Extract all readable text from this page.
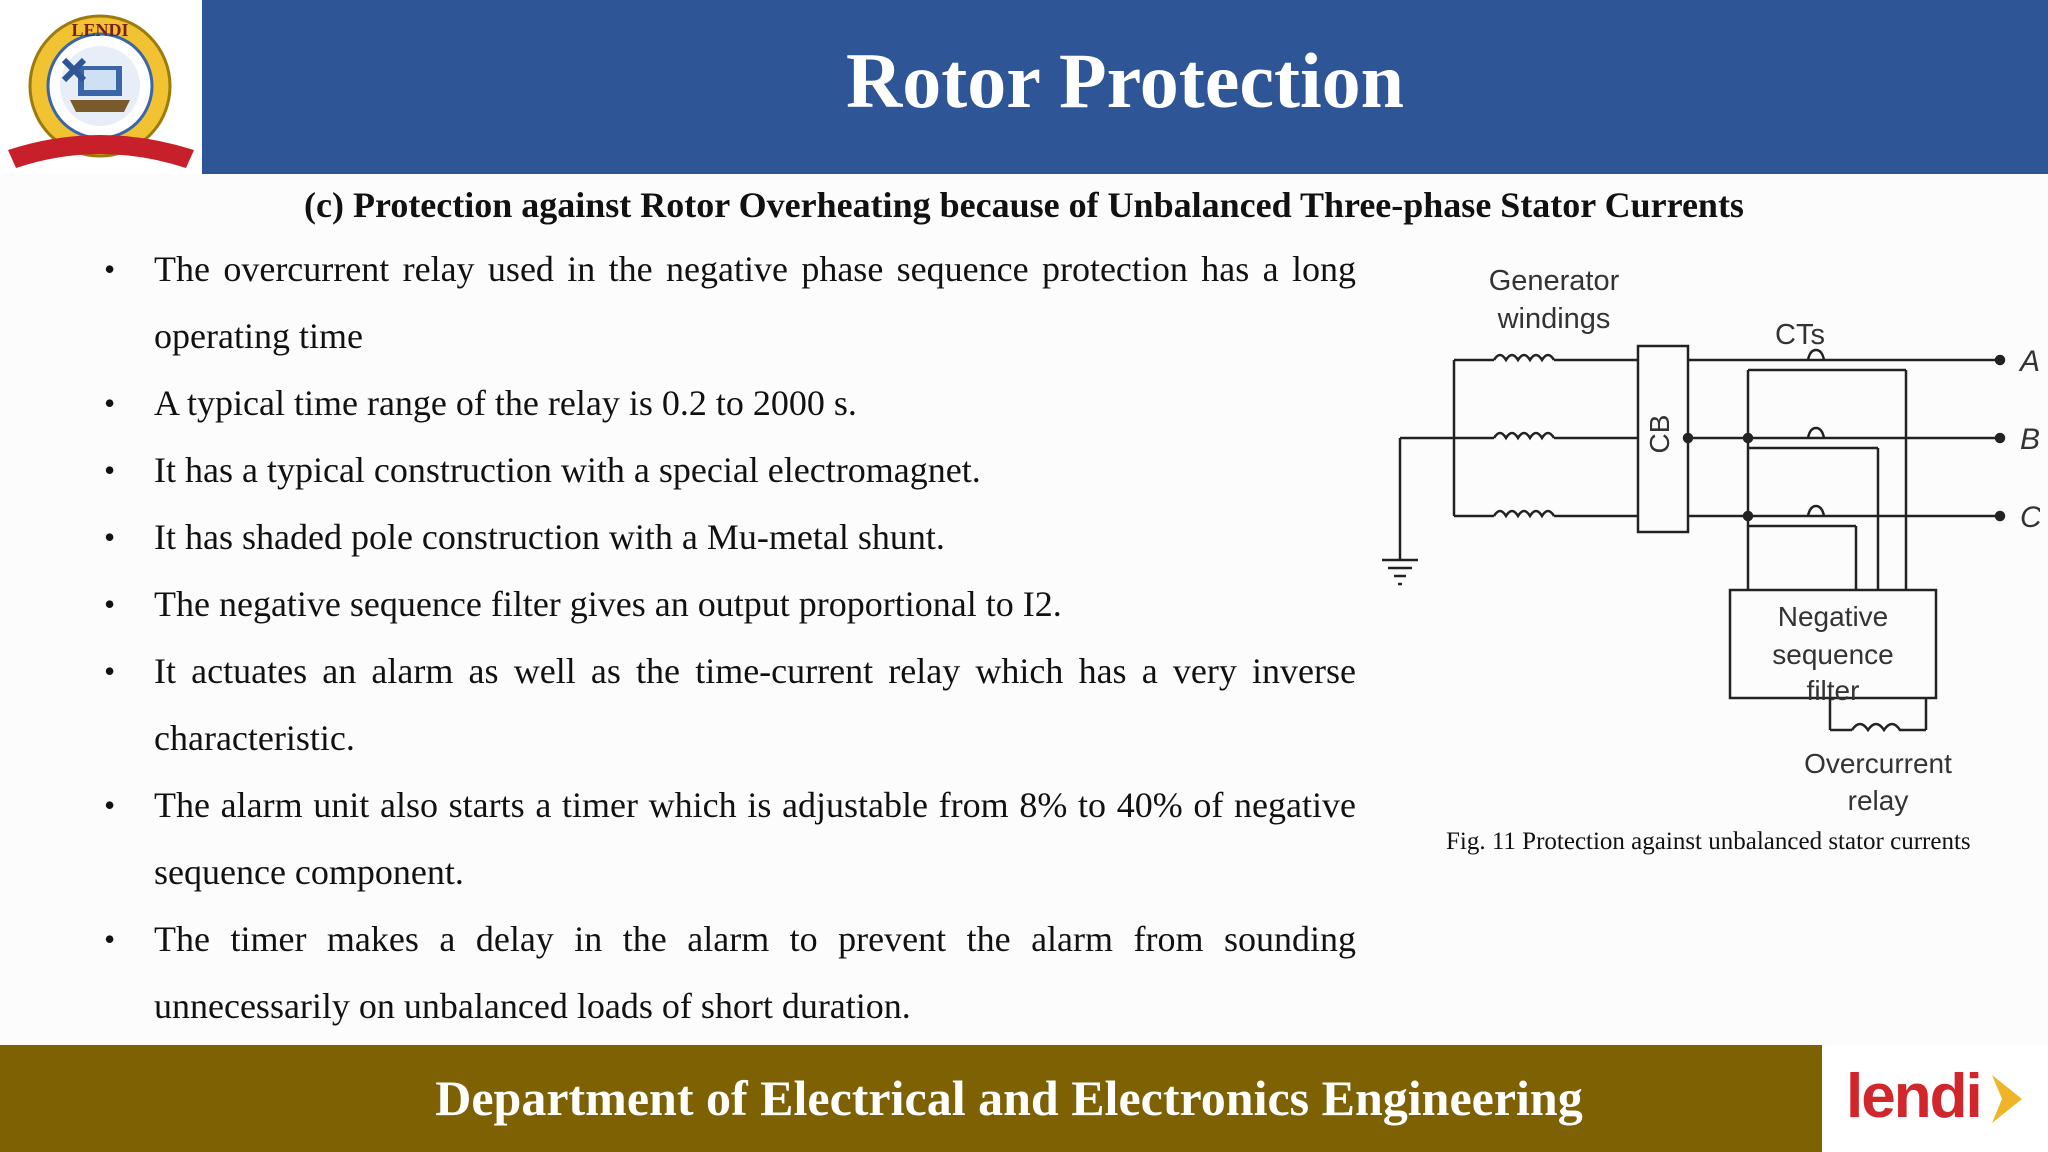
LENDI
Rotor Protection
(c) Protection against Rotor Overheating because of Unbalanced Three-phase Stator Currents
• The overcurrent relay used in the negative phase sequence protection has a long operating time
• A typical time range of the relay is 0.2 to 2000 s.
• It has a typical construction with a special electromagnet.
• It has shaded pole construction with a Mu-metal shunt.
• The negative sequence filter gives an output proportional to I2.
• It actuates an alarm as well as the time-current relay which has a very inverse characteristic.
• The alarm unit also starts a timer which is adjustable from 8% to 40% of negative sequence component.
• The timer makes a delay in the alarm to prevent the alarm from sounding unnecessarily on unbalanced loads of short duration.
Generator
windings	CTs
CB
A
B
C
Negative
sequence
filter
Overcurrent
relay
Fig. 11 Protection against unbalanced stator currents
Department of Electrical and Electronics Engineering	lendi
